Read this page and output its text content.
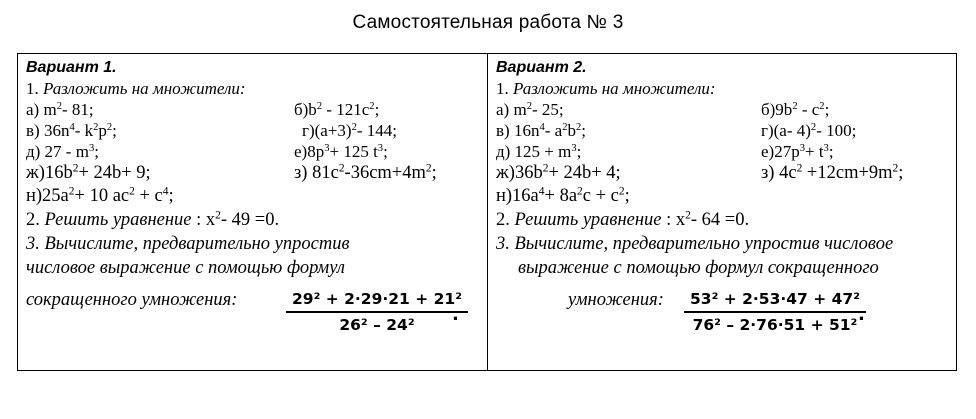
Самостоятельная работа № 3
Вариант 1.
1. Разложить на множители:
а) $m^2-$ 81;	$б)b^2 - 121c^2$;
в) $36n^4-$ $k^2p^2$;	$г)(а+3)^2-$ 144;
д) $27 - m^3$;	$е)8p^3+ 125$ $t^3$;
$ж)16b^2+ 24b+ 9$;	з) $81c^2-36cm+4m^2$;
$н)25a^2+ 10$ $ac^2 + c^4$;
2. Решить уравнение : $x^2-$ 49 =0.
3. Вычислите, предварительно упростив
числовое выражение с помощью формул
сокращенного умножения:	$\frac{\text{29² + 2·29·21 + 21²}}{\text{26² – 24²}}$
.
Вариант 2.
1. Разложить на множители:
а) $m^2-$ 25;	$б)9b^2 - c^2$;
в) $16n^4-$ $a^2b^2$;	г)(а- 4)$^2$- 100;
д) $125 + m^3$;	$е)27p^3+ t^3$;
$ж)36b^2+ 24b+ 4$;	з) $4c^2 +12cm+9m^2$;
$н)16a^4+ 8a^2c + c^2$;
2. Решить уравнение : $x^2-$ 64 =0.
3. Вычислите, предварительно упростив числовое
выражение с помощью формул сокращенного
умножения:	$\frac{\text{53² + 2·53·47 + 47²}}{\text{76² – 2·76·51 + 51²}}$
.
